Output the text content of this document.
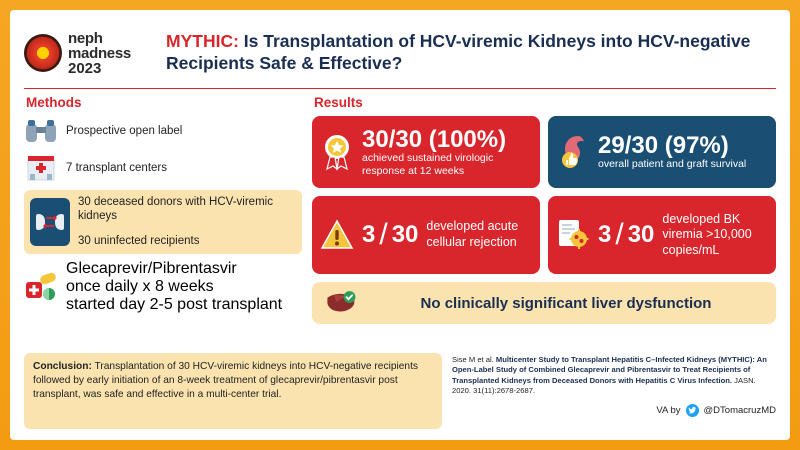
neph
madness
2023
MYTHIC: Is Transplantation of HCV-viremic Kidneys into HCV-negative Recipients Safe & Effective?
Methods
Prospective open label
7 transplant centers
30 deceased donors with HCV-viremic kidneys
30 uninfected recipients
Glecaprevir/Pibrentasvir
once daily x 8 weeks
started day 2-5 post transplant
Results
30/30 (100%)
achieved sustained virologic response at 12 weeks
29/30 (97%)
overall patient and graft survival
3 / 30 developed acute cellular rejection	3 / 30
developed BK viremia >10,000 copies/mL
No clinically significant liver dysfunction
Conclusion: Transplantation of 30 HCV-viremic kidneys into HCV-negative recipients followed by early initiation of an 8-week treatment of glecaprevir/pibrentasvir post transplant, was safe and effective in a multi-center trial.
Sise M et al. Multicenter Study to Transplant Hepatitis C–Infected Kidneys (MYTHIC): An Open-Label Study of Combined Glecaprevir and Pibrentasvir to Treat Recipients of Transplanted Kidneys from Deceased Donors with Hepatitis C Virus Infection. JASN. 2020. 31(11):2678-2687.
VA by @DTomacruzMD
